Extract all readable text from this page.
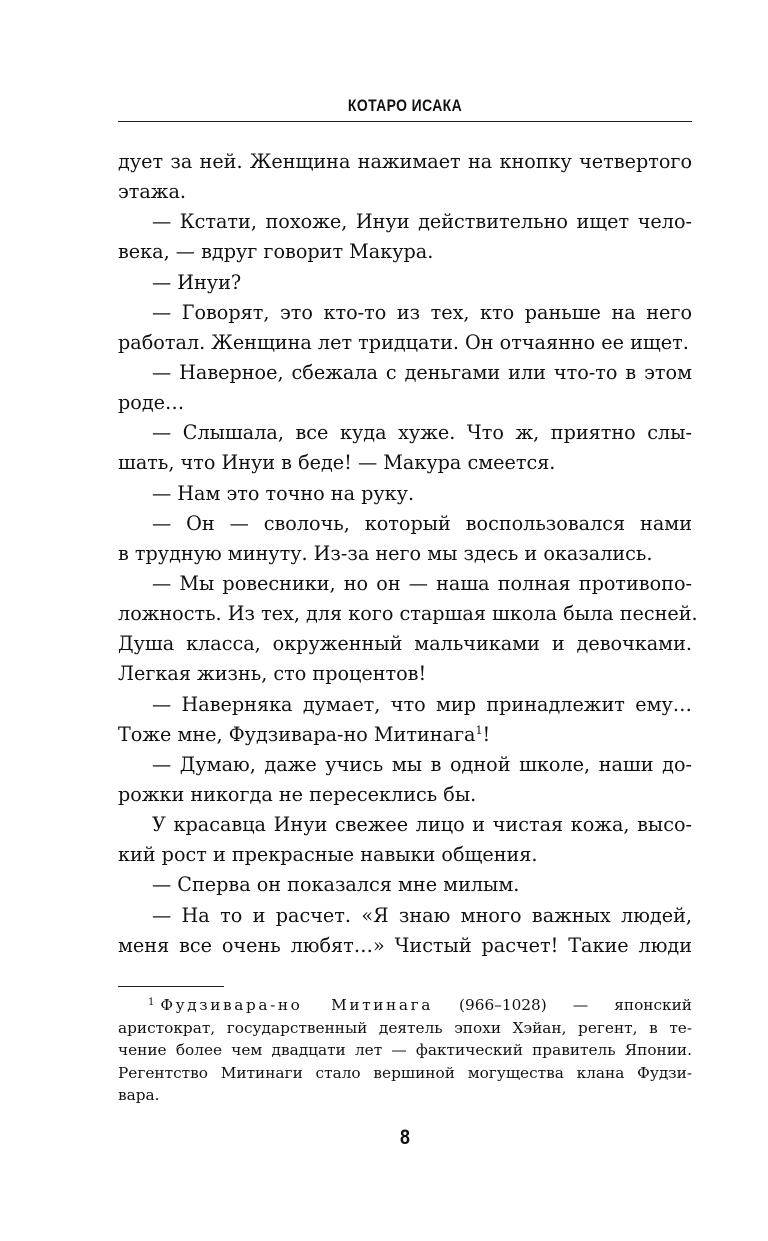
КОТАРО ИСАКА
дует за ней. Женщина нажимает на кнопку четвертого
этажа.
— Кстати, похоже, Инуи действительно ищет чело-
века, — вдруг говорит Макура.
— Инуи?
— Говорят, это кто-то из тех, кто раньше на него
работал. Женщина лет тридцати. Он отчаянно ее ищет.
— Наверное, сбежала с деньгами или что-то в этом
роде…
— Слышала, все куда хуже. Что ж, приятно слы-
шать, что Инуи в беде! — Макура смеется.
— Нам это точно на руку.
— Он — сволочь, который воспользовался нами
в трудную минуту. Из-за него мы здесь и оказались.
— Мы ровесники, но он — наша полная противопо-
ложность. Из тех, для кого старшая школа была песней.
Душа класса, окруженный мальчиками и девочками.
Легкая жизнь, сто процентов!
— Наверняка думает, что мир принадлежит ему…
Тоже мне, Фудзивара-но Митинага$^1$!
— Думаю, даже учись мы в одной школе, наши до-
рожки никогда не пересеклись бы.
У красавца Инуи свежее лицо и чистая кожа, высо-
кий рост и прекрасные навыки общения.
— Сперва он показался мне милым.
— На то и расчет. «Я знаю много важных людей,
меня все очень любят…» Чистый расчет! Такие люди
$^1$ Фудзивара-но Митинага (966–1028) — японский
аристократ, государственный деятель эпохи Хэйан, регент, в те-
чение более чем двадцати лет — фактический правитель Японии.
Регентство Митинаги стало вершиной могущества клана Фудзи-
вара.
8
